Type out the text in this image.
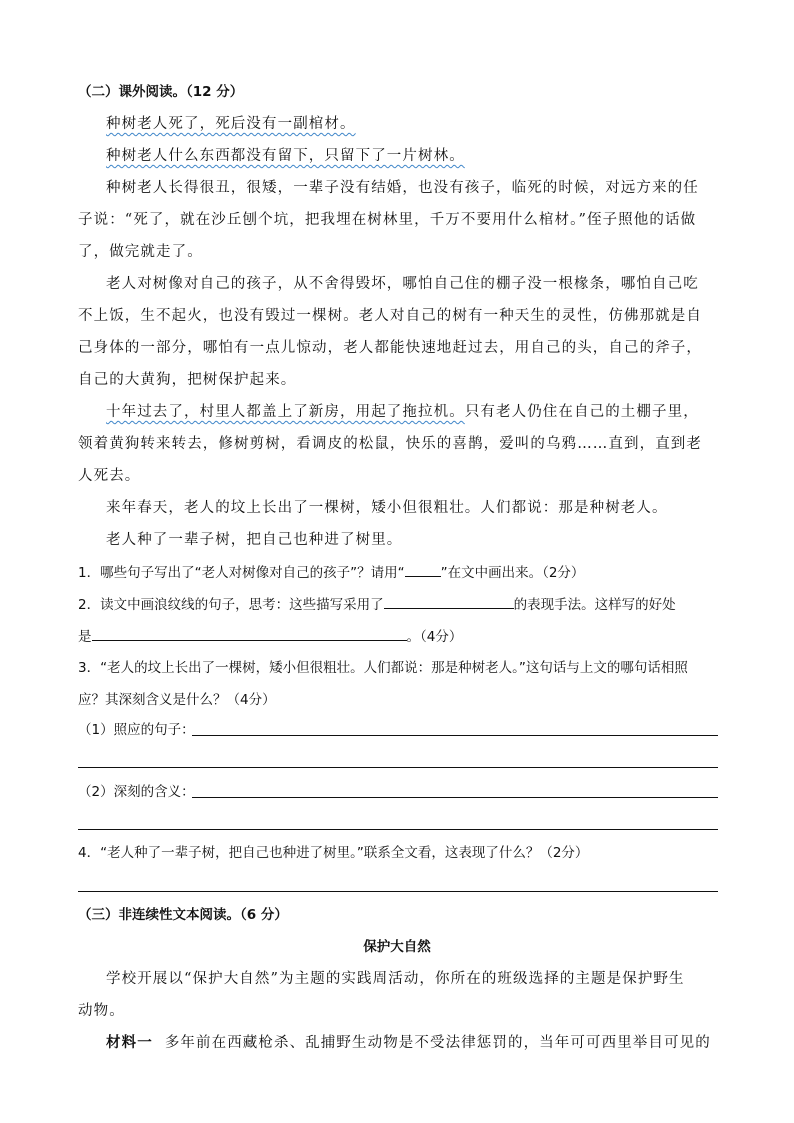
（二）课外阅读。（12 分）
种树老人死了，死后没有一副棺材。
种树老人什么东西都没有留下，只留下了一片树林。
种树老人长得很丑，很矮，一辈子没有结婚，也没有孩子，临死的时候，对远方来的任
子说：“死了，就在沙丘刨个坑，把我埋在树林里，千万不要用什么棺材。”侄子照他的话做
了，做完就走了。
老人对树像对自己的孩子，从不舍得毁坏，哪怕自己住的棚子没一根椽条，哪怕自己吃
不上饭，生不起火，也没有毁过一棵树。老人对自己的树有一种天生的灵性，仿佛那就是自
己身体的一部分，哪怕有一点儿惊动，老人都能快速地赶过去，用自己的头，自己的斧子，
自己的大黄狗，把树保护起来。
十年过去了，村里人都盖上了新房，用起了拖拉机。只有老人仍住在自己的土棚子里，
领着黄狗转来转去，修树剪树，看调皮的松鼠，快乐的喜鹊，爱叫的乌鸦……直到，直到老
人死去。
来年春天，老人的坟上长出了一棵树，矮小但很粗壮。人们都说：那是种树老人。
老人种了一辈子树，把自己也种进了树里。
1．哪些句子写出了“老人对树像对自己的孩子”？请用“	”在文中画出来。（2分）
2．读文中画浪纹线的句子，思考：这些描写采用了	的表现手法。这样写的好处
是	。（4分）
3．“老人的坟上长出了一棵树，矮小但很粗壮。人们都说：那是种树老人。”这句话与上文的哪句话相照
应？其深刻含义是什么？（4分）
（1）照应的句子：
（2）深刻的含义：
4．“老人种了一辈子树，把自己也种进了树里。”联系全文看，这表现了什么？（2分）
（三）非连续性文本阅读。（6 分）
保护大自然
学校开展以“保护大自然”为主题的实践周活动，你所在的班级选择的主题是保护野生
动物。
材料一 多年前在西藏枪杀、乱捕野生动物是不受法律惩罚的，当年可可西里举目可见的
